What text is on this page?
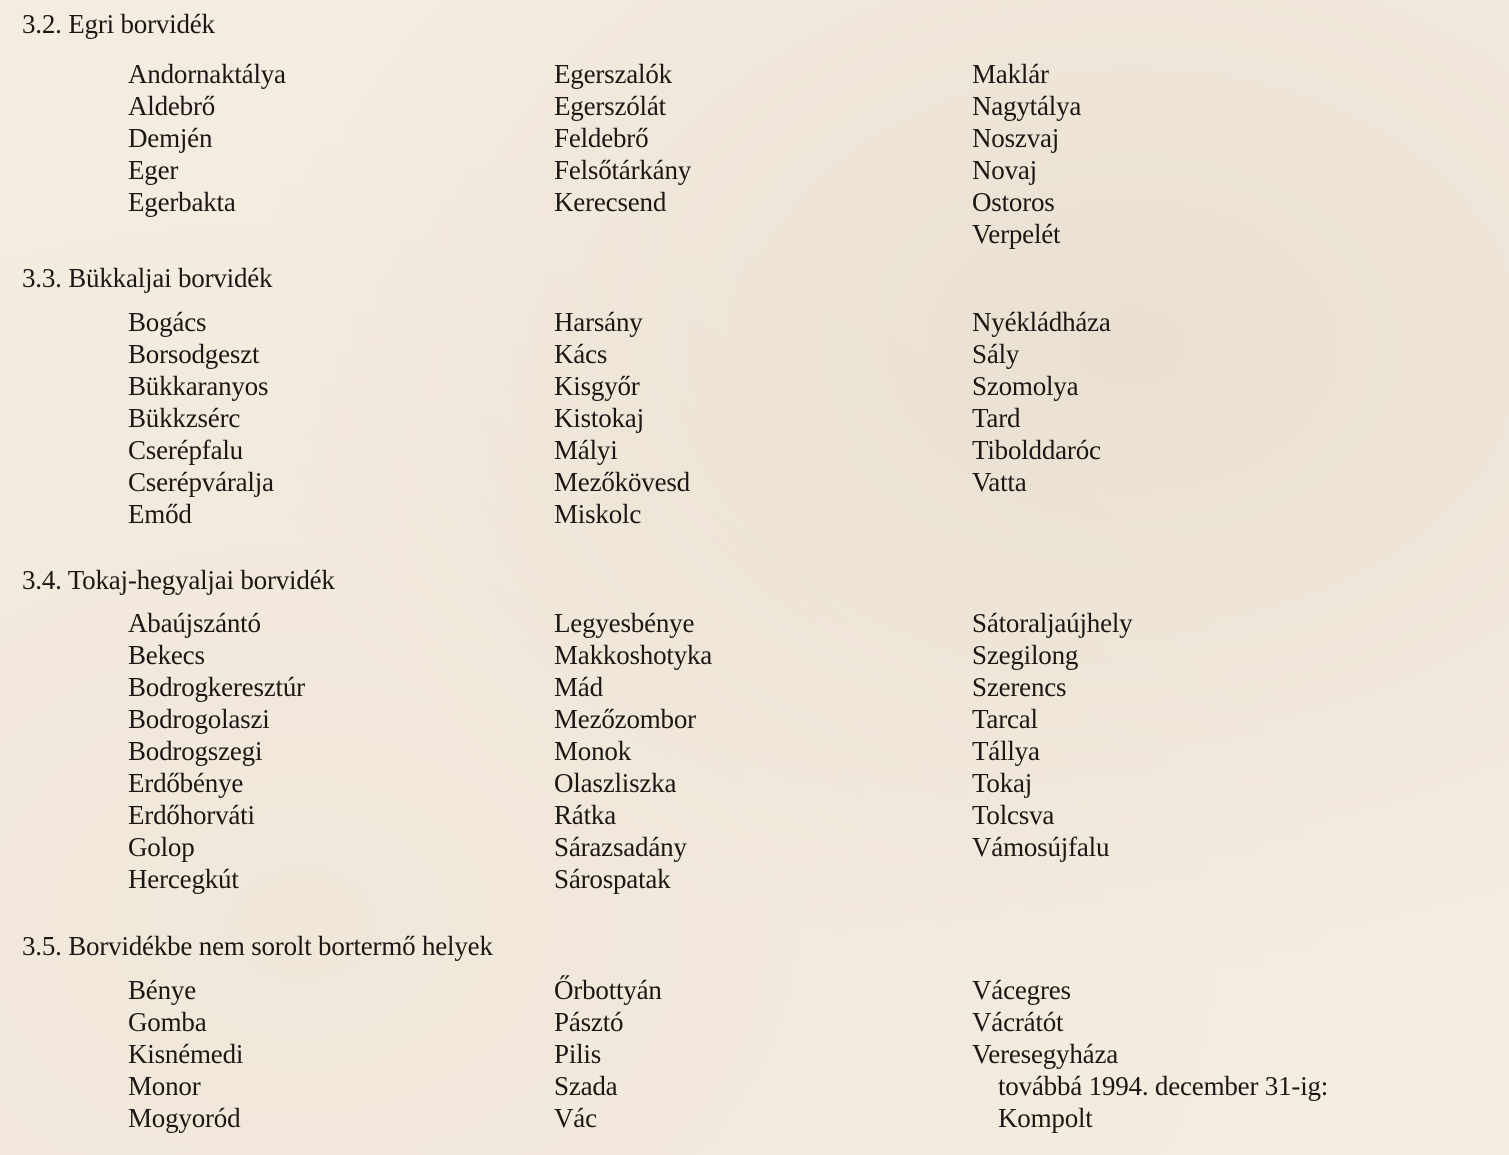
3.2. Egri borvidék
Andornaktálya
Aldebrő
Demjén
Eger
Egerbakta
Egerszalók
Egerszólát
Feldebrő
Felsőtárkány
Kerecsend
Maklár
Nagytálya
Noszvaj
Novaj
Ostoros
Verpelét
3.3. Bükkaljai borvidék
Bogács
Borsodgeszt
Bükkaranyos
Bükkzsérc
Cserépfalu
Cserépváralja
Emőd
Harsány
Kács
Kisgyőr
Kistokaj
Mályi
Mezőkövesd
Miskolc
Nyékládháza
Sály
Szomolya
Tard
Tibolddaróc
Vatta
3.4. Tokaj-hegyaljai borvidék
Abaújszántó
Bekecs
Bodrogkeresztúr
Bodrogolaszi
Bodrogszegi
Erdőbénye
Erdőhorváti
Golop
Hercegkút
Legyesbénye
Makkoshotyka
Mád
Mezőzombor
Monok
Olaszliszka
Rátka
Sárazsadány
Sárospatak
Sátoraljaújhely
Szegilong
Szerencs
Tarcal
Tállya
Tokaj
Tolcsva
Vámosújfalu
3.5. Borvidékbe nem sorolt bortermő helyek
Bénye
Gomba
Kisnémedi
Monor
Mogyoród
Őrbottyán
Pásztó
Pilis
Szada
Vác
Vácegres
Vácrátót
Veresegyháza
továbbá 1994. december 31-ig:
Kompolt
